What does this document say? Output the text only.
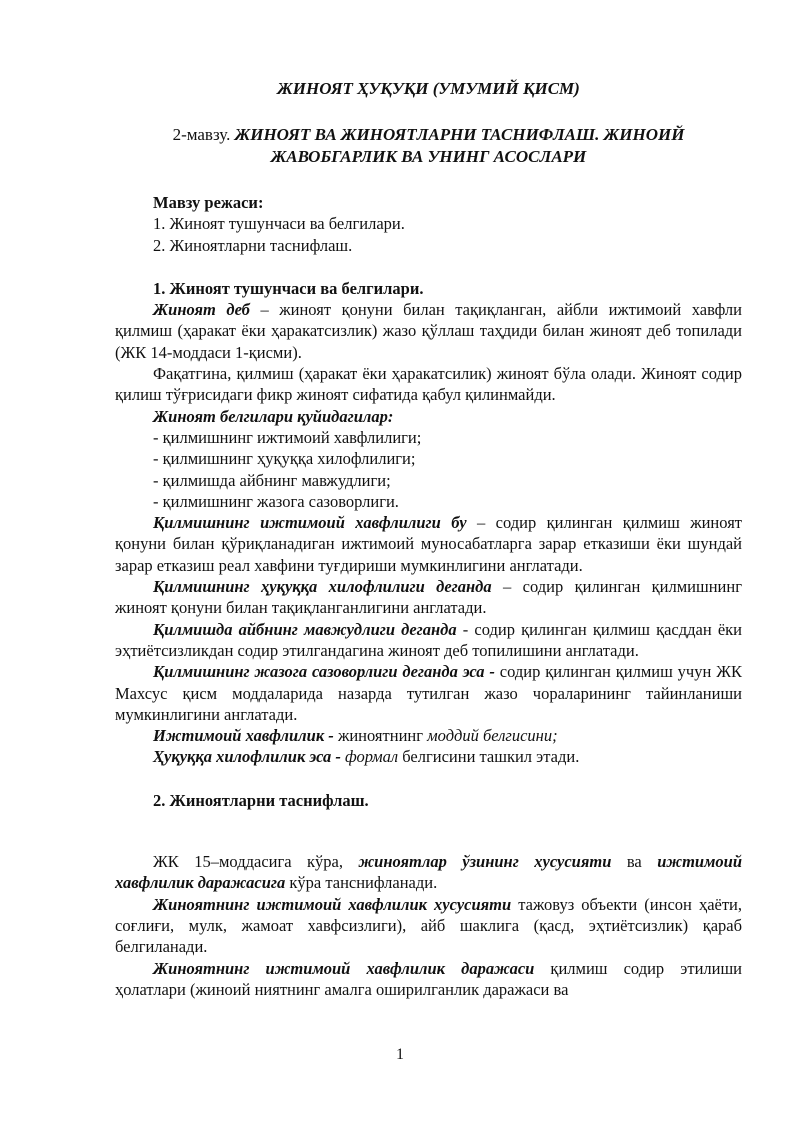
ЖИНОЯТ ҲУҚУҚИ (УМУМИЙ ҚИСМ)
2-мавзу. ЖИНОЯТ ВА ЖИНОЯТЛАРНИ ТАСНИФЛАШ. ЖИНОИЙ ЖАВОБГАРЛИК ВА УНИНГ АСОСЛАРИ

Мавзу режаси:

1. Жиноят тушунчаси ва белгилари.

2. Жиноятларни таснифлаш.

1. Жиноят тушунчаси ва белгилари.

Жиноят деб – жиноят қонуни билан тақиқланган, айбли ижтимоий хавфли қилмиш (ҳаракат ёки ҳаракатсизлик) жазо қўллаш таҳдиди билан жиноят деб топилади (ЖК 14-моддаси 1-қисми).

Фақатгина, қилмиш (ҳаракат ёки ҳаракатсилик) жиноят бўла олади. Жиноят содир қилиш тўғрисидаги фикр жиноят сифатида қабул қилинмайди.

Жиноят белгилари қуйидагилар:

- қилмишнинг ижтимоий хавфлилиги;

- қилмишнинг ҳуқуққа хилофлилиги;

- қилмишда айбнинг мавжудлиги;

- қилмишнинг жазога сазоворлиги.

Қилмишнинг ижтимоий хавфлилиги бу – содир қилинган қилмиш жиноят қонуни билан қўриқланадиган ижтимоий муносабатларга зарар етказиши ёки шундай зарар етказиш реал хавфини туғдириши мумкинлигини англатади.

Қилмишнинг ҳуқуққа хилофлилиги деганда – содир қилинган қилмишнинг жиноят қонуни билан тақиқланганлигини англатади.

Қилмишда айбнинг мавжудлиги деганда - содир қилинган қилмиш қасддан ёки эҳтиётсизликдан содир этилгандагина жиноят деб топилишини англатади.

Қилмишнинг жазога сазоворлиги деганда эса - содир қилинган қилмиш учун ЖК Махсус қисм моддаларида назарда тутилган жазо чораларининг тайинланиши мумкинлигини англатади.

Ижтимоий хавфлилик - жиноятнинг моддий белгисини;

Ҳуқуққа хилофлилик эса - формал белгисини ташкил этади.

2. Жиноятларни таснифлаш.

ЖК 15–моддасига кўра, жиноятлар ўзининг хусусияти ва ижтимоий хавфлилик даражасига кўра танснифланади.

Жиноятнинг ижтимоий хавфлилик хусусияти тажовуз объекти (инсон ҳаёти, соғлиғи, мулк, жамоат хавфсизлиги), айб шаклига (қасд, эҳтиётсизлик) қараб белгиланади.

Жиноятнинг ижтимоий хавфлилик даражаси қилмиш содир этилиши ҳолатлари (жиноий ниятнинг амалга оширилганлик даражаси ва

1
